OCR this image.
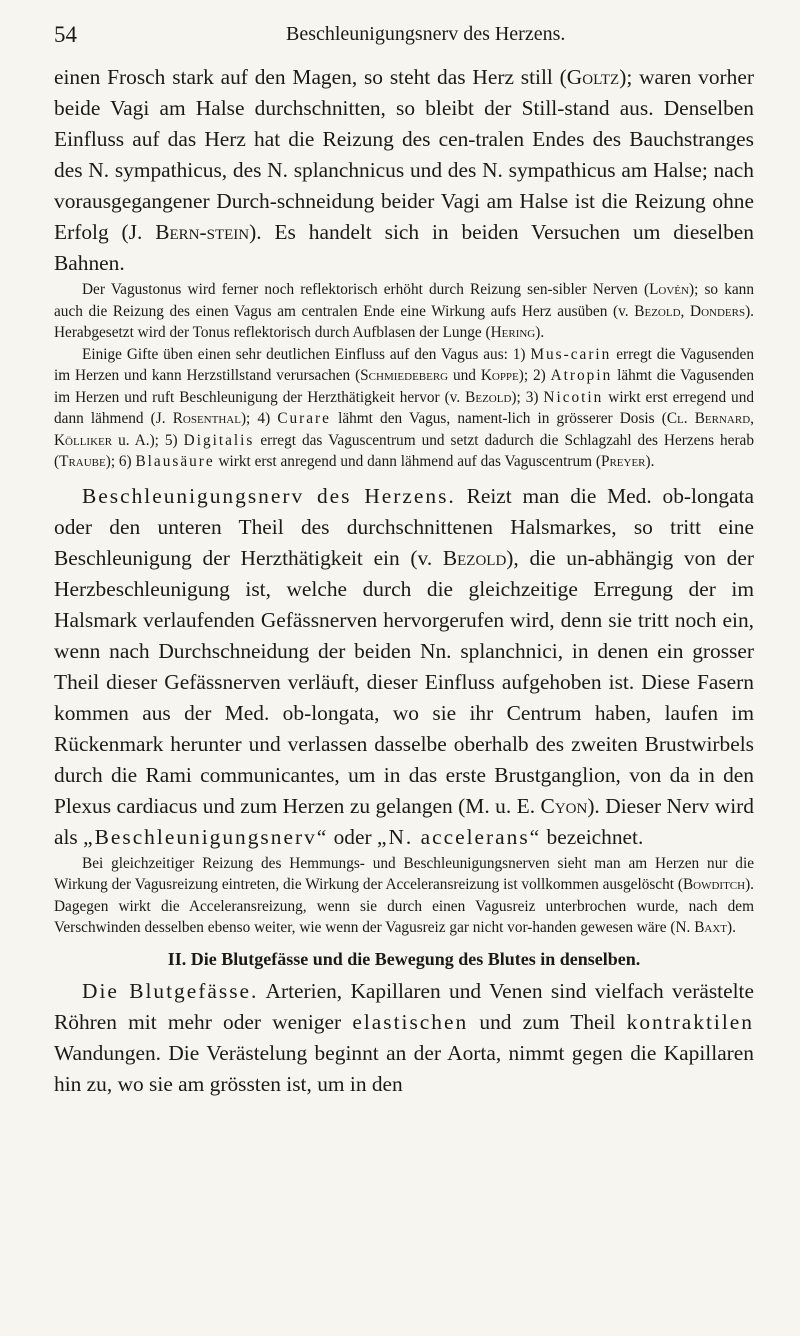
54	Beschleunigungsnerv des Herzens.

einen Frosch stark auf den Magen, so steht das Herz still (Goltz); waren vorher beide Vagi am Halse durchschnitten, so bleibt der Still-stand aus. Denselben Einfluss auf das Herz hat die Reizung des cen-tralen Endes des Bauchstranges des N. sympathicus, des N. splanchnicus und des N. sympathicus am Halse; nach vorausgegangener Durch-schneidung beider Vagi am Halse ist die Reizung ohne Erfolg (J. Bern-stein). Es handelt sich in beiden Versuchen um dieselben Bahnen.

Der Vagustonus wird ferner noch reflektorisch erhöht durch Reizung sen-sibler Nerven (Lovén); so kann auch die Reizung des einen Vagus am centralen Ende eine Wirkung aufs Herz ausüben (v. Bezold, Donders). Herabgesetzt wird der Tonus reflektorisch durch Aufblasen der Lunge (Hering).

Einige Gifte üben einen sehr deutlichen Einfluss auf den Vagus aus: 1) Mus-carin erregt die Vagusenden im Herzen und kann Herzstillstand verursachen (Schmiedeberg und Koppe); 2) Atropin lähmt die Vagusenden im Herzen und ruft Beschleunigung der Herzthätigkeit hervor (v. Bezold); 3) Nicotin wirkt erst erregend und dann lähmend (J. Rosenthal); 4) Curare lähmt den Vagus, nament-lich in grösserer Dosis (Cl. Bernard, Kölliker u. A.); 5) Digitalis erregt das Vaguscentrum und setzt dadurch die Schlagzahl des Herzens herab (Traube); 6) Blausäure wirkt erst anregend und dann lähmend auf das Vaguscentrum (Preyer).

Beschleunigungsnerv des Herzens. Reizt man die Med. ob-longata oder den unteren Theil des durchschnittenen Halsmarkes, so tritt eine Beschleunigung der Herzthätigkeit ein (v. Bezold), die un-abhängig von der Herzbeschleunigung ist, welche durch die gleichzeitige Erregung der im Halsmark verlaufenden Gefässnerven hervorgerufen wird, denn sie tritt noch ein, wenn nach Durchschneidung der beiden Nn. splanchnici, in denen ein grosser Theil dieser Gefässnerven verläuft, dieser Einfluss aufgehoben ist. Diese Fasern kommen aus der Med. ob-longata, wo sie ihr Centrum haben, laufen im Rückenmark herunter und verlassen dasselbe oberhalb des zweiten Brustwirbels durch die Rami communicantes, um in das erste Brustganglion, von da in den Plexus cardiacus und zum Herzen zu gelangen (M. u. E. Cyon). Dieser Nerv wird als „Beschleunigungsnerv“ oder „N. accelerans“ bezeichnet.

Bei gleichzeitiger Reizung des Hemmungs- und Beschleunigungsnerven sieht man am Herzen nur die Wirkung der Vagusreizung eintreten, die Wirkung der Acceleransreizung ist vollkommen ausgelöscht (Bowditch). Dagegen wirkt die Acceleransreizung, wenn sie durch einen Vagusreiz unterbrochen wurde, nach dem Verschwinden desselben ebenso weiter, wie wenn der Vagusreiz gar nicht vor-handen gewesen wäre (N. Baxt).

II. Die Blutgefässe und die Bewegung des Blutes in denselben.

Die Blutgefässe. Arterien, Kapillaren und Venen sind vielfach verästelte Röhren mit mehr oder weniger elastischen und zum Theil kontraktilen Wandungen. Die Verästelung beginnt an der Aorta, nimmt gegen die Kapillaren hin zu, wo sie am grössten ist, um in den
